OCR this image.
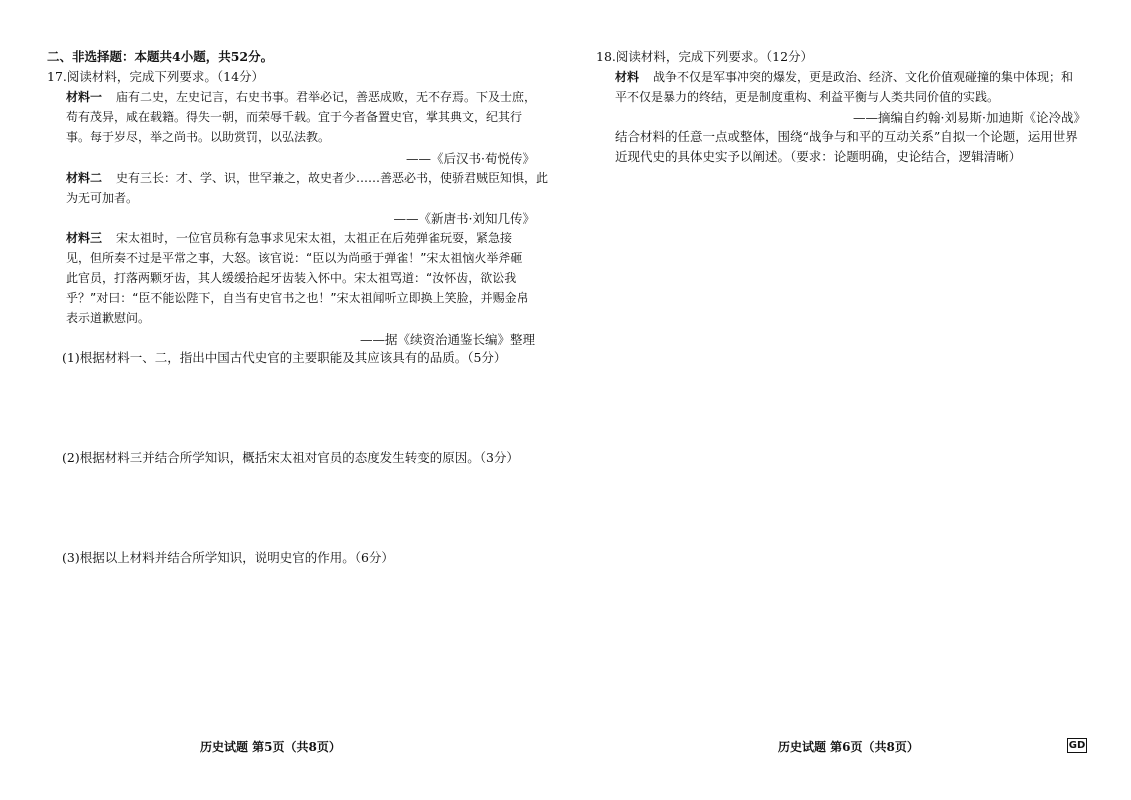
二、非选择题：本题共4小题，共52分。
17.阅读材料，完成下列要求。（14分）
材料一 庙有二史，左史记言，右史书事。君举必记，善恶成败，无不存焉。下及士庶，
苟有茂异，咸在载籍。得失一朝，而荣辱千载。宜于今者备置史官，掌其典文，纪其行
事。每于岁尽，举之尚书。以助赏罚，以弘法教。
——《后汉书·荀悦传》
材料二 史有三长：才、学、识，世罕兼之，故史者少……善恶必书，使骄君贼臣知惧，此
为无可加者。
——《新唐书·刘知几传》
材料三 宋太祖时，一位官员称有急事求见宋太祖，太祖正在后苑弹雀玩耍，紧急接
见，但所奏不过是平常之事，大怒。该官说：“臣以为尚亟于弹雀！”宋太祖恼火举斧砸
此官员，打落两颗牙齿，其人缓缓拾起牙齿装入怀中。宋太祖骂道：“汝怀齿，欲讼我
乎？”对曰：“臣不能讼陛下，自当有史官书之也！”宋太祖闻听立即换上笑脸，并赐金帛
表示道歉慰问。
——据《续资治通鉴长编》整理
(1)根据材料一、二，指出中国古代史官的主要职能及其应该具有的品质。（5分）
(2)根据材料三并结合所学知识，概括宋太祖对官员的态度发生转变的原因。（3分）
(3)根据以上材料并结合所学知识，说明史官的作用。（6分）
历史试题 第5页（共8页）
18.阅读材料，完成下列要求。（12分）
材料 战争不仅是军事冲突的爆发，更是政治、经济、文化价值观碰撞的集中体现；和
平不仅是暴力的终结，更是制度重构、利益平衡与人类共同价值的实践。
——摘编自约翰·刘易斯·加迪斯《论冷战》
结合材料的任意一点或整体，围绕“战争与和平的互动关系”自拟一个论题，运用世界
近现代史的具体史实予以阐述。（要求：论题明确，史论结合，逻辑清晰）
历史试题 第6页（共8页）	GD
